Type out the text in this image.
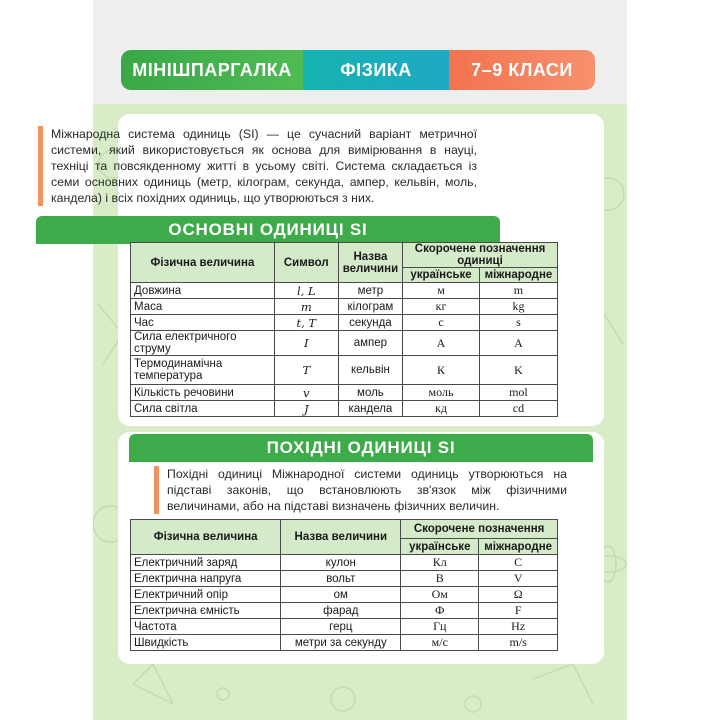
МІНІШПАРГАЛКА	ФІЗИКА	7–9 КЛАСИ
Міжнародна система одиниць (SI) — це сучасний варіант метричної системи, який використовується як основа для вимірювання в науці, техніці та повсякденному житті в усьому світі. Система складається із семи основних одиниць (метр, кілограм, секунда, ампер, кельвін, моль, кандела) і всіх похідних одиниць, що утворюються з них.
ОСНОВНІ ОДИНИЦІ SI
Фізична величина	Символ	Назва величини	Скорочене позначення одиниці	
			українське	міжнародне
Довжина	l, L	метр	м	m
Маса	m	кілограм	кг	kg
Час	t, T	секунда	с	s
Сила електричного струму	I	ампер	А	A
Термодинамічна температура	T	кельвін	К	K
Кількість речовини	v	моль	моль	mol
Сила світла	J	кандела	кд	cd
ПОХІДНІ ОДИНИЦІ SI
Похідні одиниці Міжнародної системи одиниць утворюються на підставі законів, що встановлюють зв'язок між фізичними величинами, або на підставі визначень фізичних величин.
Фізична величина	Назва величини	Скорочене позначення	
		українське	міжнародне
Електричний заряд	кулон	Кл	C
Електрична напруга	вольт	В	V
Електричний опір	ом	Ом	Ω
Електрична ємність	фарад	Ф	F
Частота	герц	Гц	Hz
Швидкість	метри за секунду	м/с	m/s
